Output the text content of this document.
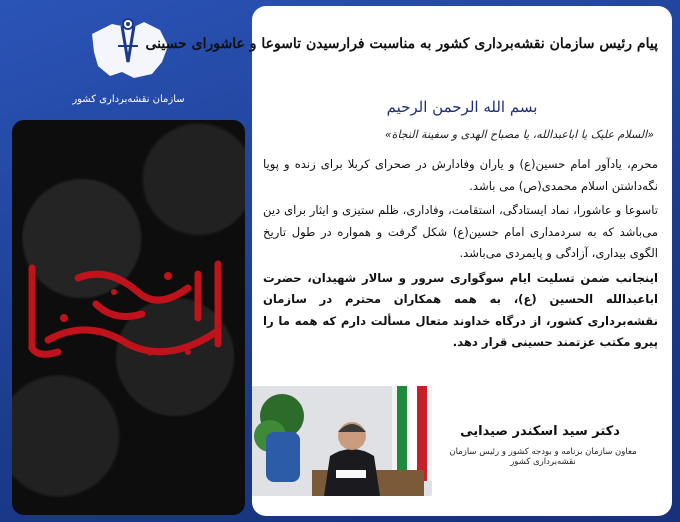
سازمان نقشه‌برداری کشور
پیام رئیس سازمان نقشه‌برداری کشور به مناسبت فرارسیدن تاسوعا و عاشورای حسینی
بسم الله الرحمن الرحیم
«السلام علیک یا اباعبدالله، یا مصباح الهدی و سفینة النجاة»

محرم، یادآور امام حسین(ع) و یاران وفادارش در صحرای کربلا برای زنده و پویا نگه‌داشتن اسلام محمدی(ص) می باشد.

تاسوعا و عاشورا، نماد ایستادگی، استقامت، وفاداری، ظلم ستیزی و ایثار برای دین می‌باشد که به سردمداری امام حسین(ع) شکل گرفت و همواره در طول تاریخ الگوی بیداری، آزادگی و پایمردی می‌باشد.

اینجانب ضمن تسلیت ایام سوگواری سرور و سالار شهیدان، حضرت اباعبدالله الحسین (ع)، به همه همکاران محترم در سازمان نقشه‌برداری کشور، از درگاه خداوند متعال مسألت دارم که همه ما را پیرو مکتب عزتمند حسینی قرار دهد.

دکتر سید اسکندر صیدایی
معاون سازمان برنامه و بودجه کشور و رئیس سازمان نقشه‌برداری کشور
